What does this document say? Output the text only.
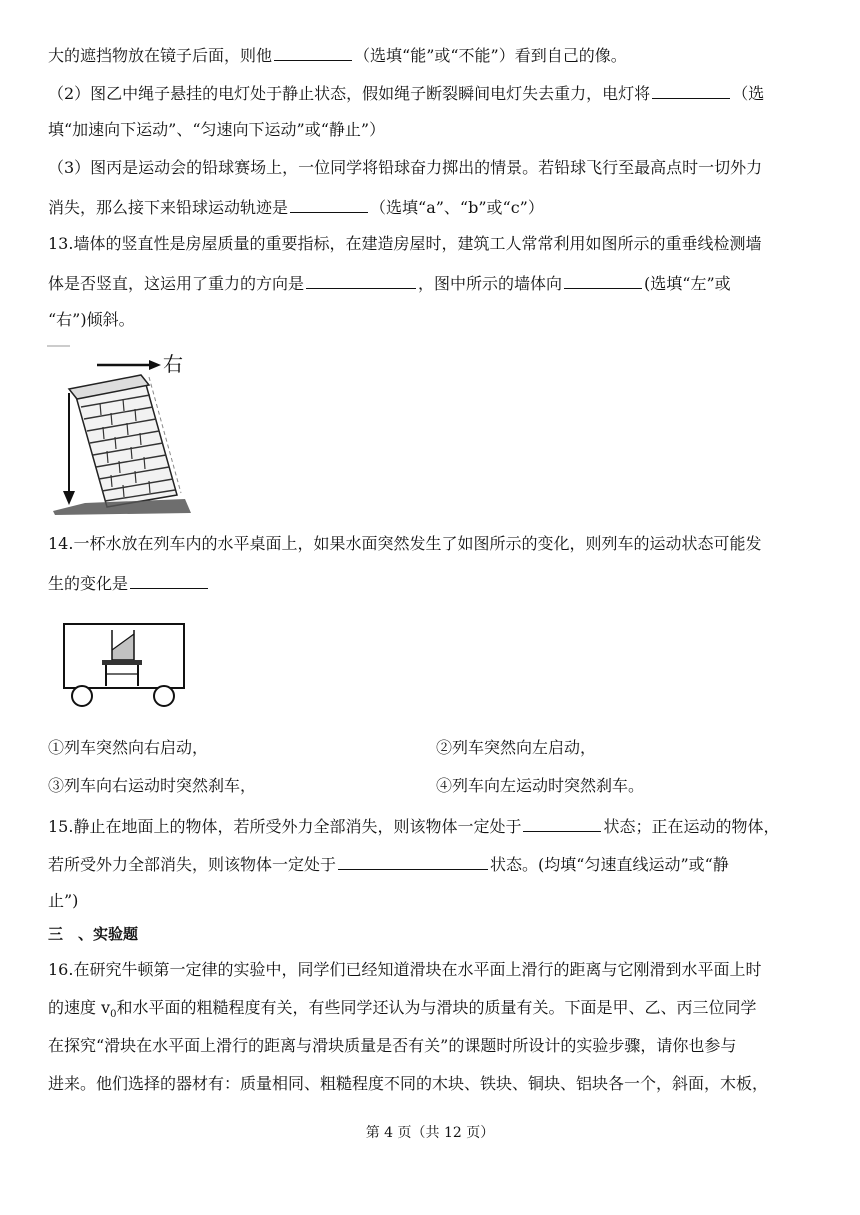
大的遮挡物放在镜子后面，则他	（选填“能”或“不能”）看到自己的像。
（2）图乙中绳子悬挂的电灯处于静止状态，假如绳子断裂瞬间电灯失去重力，电灯将	（选
填“加速向下运动”、“匀速向下运动”或“静止”）
（3）图丙是运动会的铅球赛场上，一位同学将铅球奋力掷出的情景。若铅球飞行至最高点时一切外力
消失，那么接下来铅球运动轨迹是	（选填“a”、“b”或“c”）
13.墙体的竖直性是房屋质量的重要指标，在建造房屋时，建筑工人常常利用如图所示的重垂线检测墙
体是否竖直，这运用了重力的方向是	，图中所示的墙体向	(选填“左”或
“右”)倾斜。
右
14.一杯水放在列车内的水平桌面上，如果水面突然发生了如图所示的变化，则列车的运动状态可能发
生的变化是
①列车突然向右启动，	②列车突然向左启动，
③列车向右运动时突然刹车，	④列车向左运动时突然刹车。
15.静止在地面上的物体，若所受外力全部消失，则该物体一定处于	状态；正在运动的物体，
若所受外力全部消失，则该物体一定处于	状态。(均填“匀速直线运动”或“静
止”)
三　、实验题
16.在研究牛顿第一定律的实验中，同学们已经知道滑块在水平面上滑行的距离与它刚滑到水平面上时
的速度 $v_0$和水平面的粗糙程度有关，有些同学还认为与滑块的质量有关。下面是甲、乙、丙三位同学
在探究“滑块在水平面上滑行的距离与滑块质量是否有关”的课题时所设计的实验步骤，请你也参与
进来。他们选择的器材有：质量相同、粗糙程度不同的木块、铁块、铜块、铝块各一个，斜面，木板，
第 4 页（共 12 页）
